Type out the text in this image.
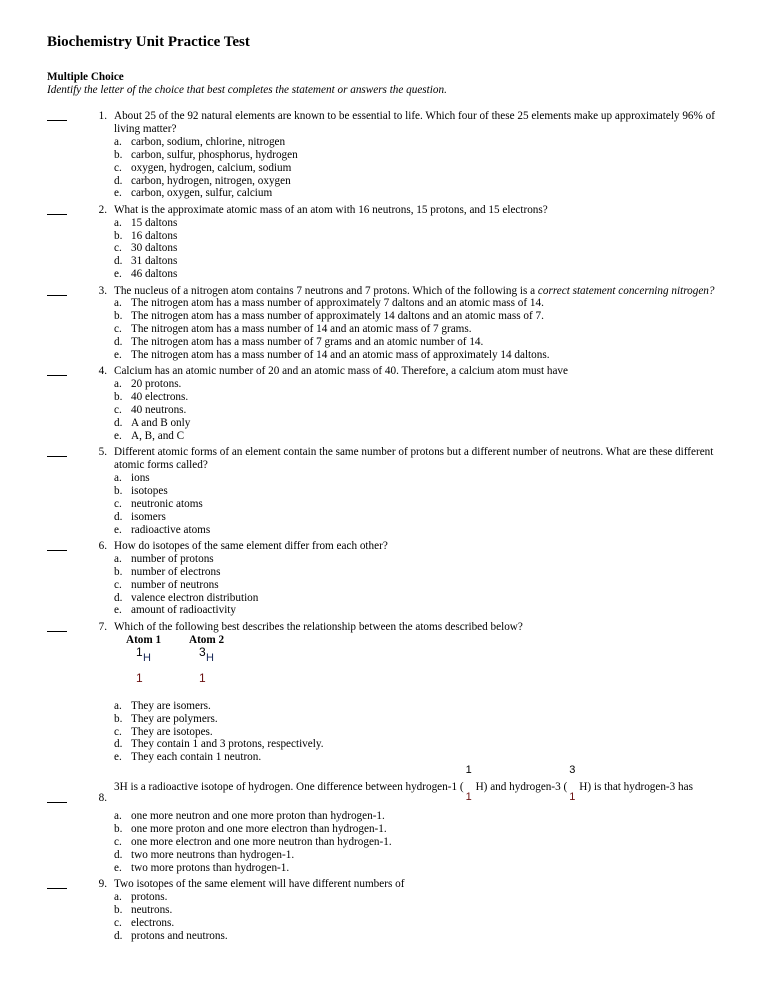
Biochemistry Unit Practice Test
Multiple Choice
Identify the letter of the choice that best completes the statement or answers the question.
1. About 25 of the 92 natural elements are known to be essential to life. Which four of these 25 elements make up approximately 96% of living matter?
a. carbon, sodium, chlorine, nitrogen
b. carbon, sulfur, phosphorus, hydrogen
c. oxygen, hydrogen, calcium, sodium
d. carbon, hydrogen, nitrogen, oxygen
e. carbon, oxygen, sulfur, calcium
2. What is the approximate atomic mass of an atom with 16 neutrons, 15 protons, and 15 electrons?
a. 15 daltons
b. 16 daltons
c. 30 daltons
d. 31 daltons
e. 46 daltons
3. The nucleus of a nitrogen atom contains 7 neutrons and 7 protons. Which of the following is a correct statement concerning nitrogen?
a. The nitrogen atom has a mass number of approximately 7 daltons and an atomic mass of 14.
b. The nitrogen atom has a mass number of approximately 14 daltons and an atomic mass of 7.
c. The nitrogen atom has a mass number of 14 and an atomic mass of 7 grams.
d. The nitrogen atom has a mass number of 7 grams and an atomic number of 14.
e. The nitrogen atom has a mass number of 14 and an atomic mass of approximately 14 daltons.
4. Calcium has an atomic number of 20 and an atomic mass of 40. Therefore, a calcium atom must have
a. 20 protons.
b. 40 electrons.
c. 40 neutrons.
d. A and B only
e. A, B, and C
5. Different atomic forms of an element contain the same number of protons but a different number of neutrons. What are these different atomic forms called?
a. ions
b. isotopes
c. neutronic atoms
d. isomers
e. radioactive atoms
6. How do isotopes of the same element differ from each other?
a. number of protons
b. number of electrons
c. number of neutrons
d. valence electron distribution
e. amount of radioactivity
7. Which of the following best describes the relationship between the atoms described below?
Atom 1 Atom 2
1 H
1
3 H
1
a. They are isomers.
b. They are polymers.
c. They are isotopes.
d. They contain 1 and 3 protons, respectively.
e. They each contain 1 neutron.
8.
3H is a radioactive isotope of hydrogen. One difference between hydrogen-1 (
1
1
H) and hydrogen-3 (
3
1
H) is that hydrogen-3 has
a. one more neutron and one more proton than hydrogen-1.
b. one more proton and one more electron than hydrogen-1.
c. one more electron and one more neutron than hydrogen-1.
d. two more neutrons than hydrogen-1.
e. two more protons than hydrogen-1.
9. Two isotopes of the same element will have different numbers of
a. protons.
b. neutrons.
c. electrons.
d. protons and neutrons.
